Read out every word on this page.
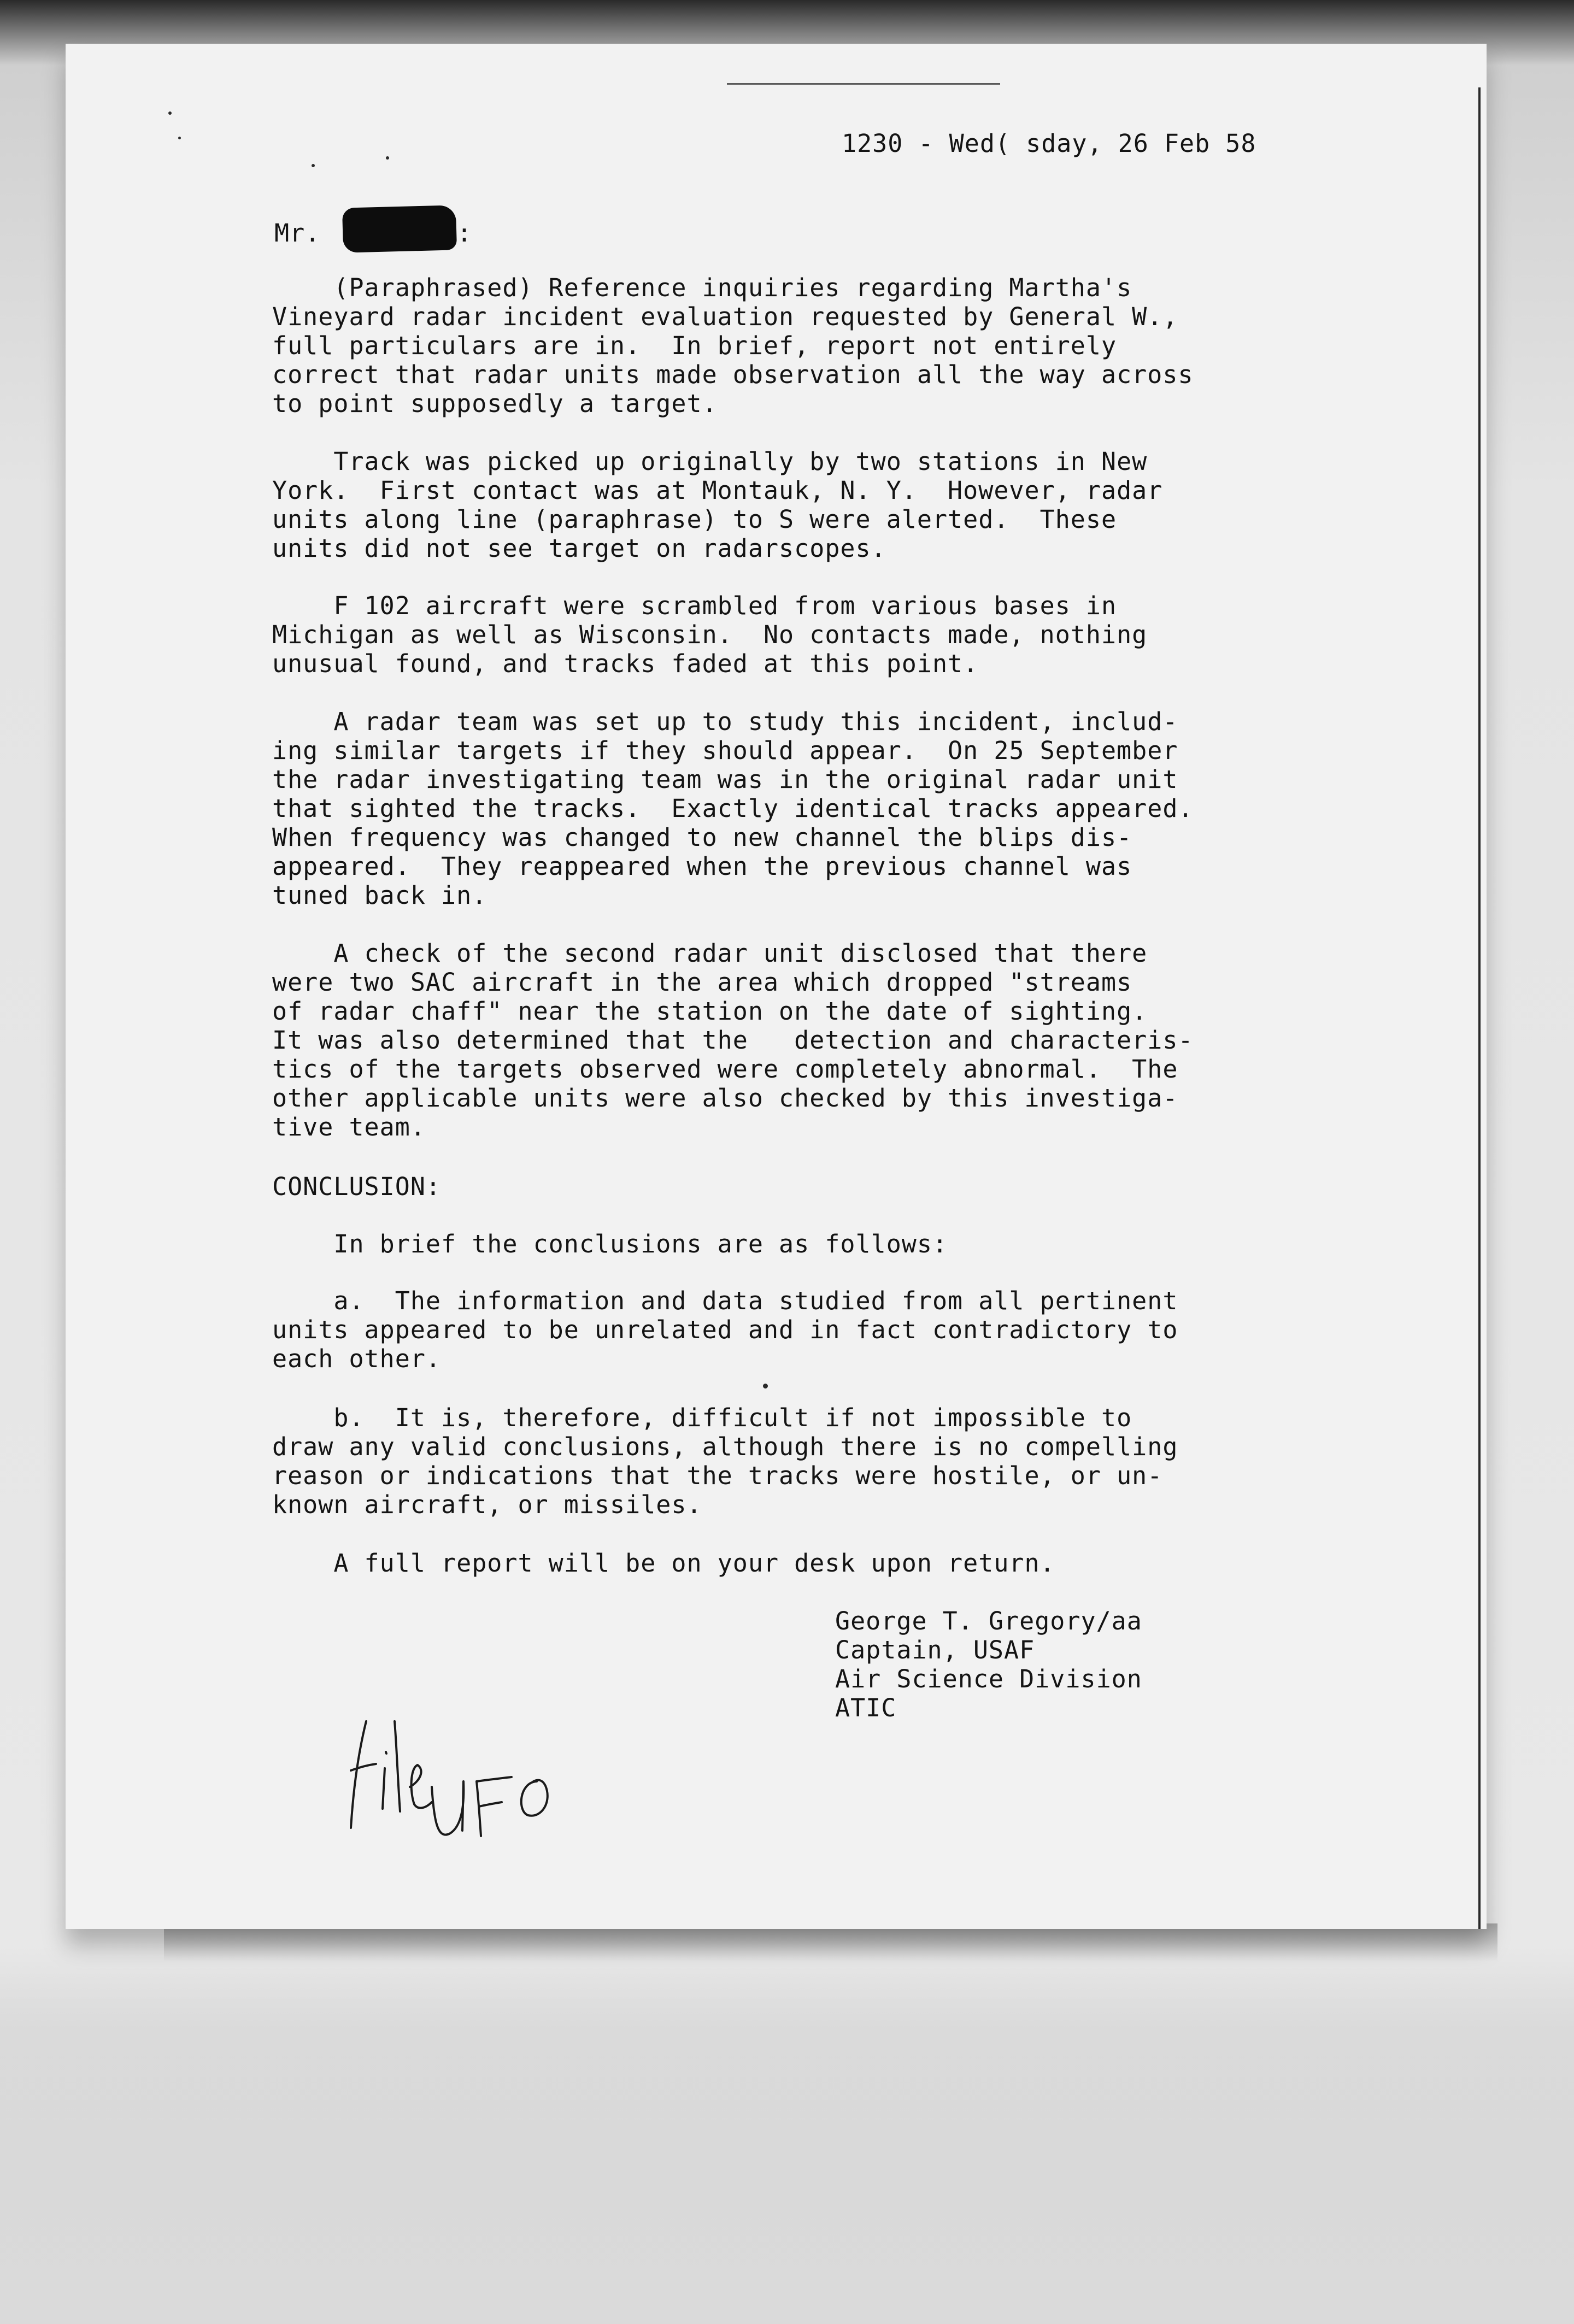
1230 - Wed( sday, 26 Feb 58
Mr.	:
(Paraphrased) Reference inquiries regarding Martha's
Vineyard radar incident evaluation requested by General W.,
full particulars are in.  In brief, report not entirely
correct that radar units made observation all the way across
to point supposedly a target.
Track was picked up originally by two stations in New
York.  First contact was at Montauk, N. Y.  However, radar
units along line (paraphrase) to S were alerted.  These
units did not see target on radarscopes.
F 102 aircraft were scrambled from various bases in
Michigan as well as Wisconsin.  No contacts made, nothing
unusual found, and tracks faded at this point.
A radar team was set up to study this incident, includ-
ing similar targets if they should appear.  On 25 September
the radar investigating team was in the original radar unit
that sighted the tracks.  Exactly identical tracks appeared.
When frequency was changed to new channel the blips dis-
appeared.  They reappeared when the previous channel was
tuned back in.
A check of the second radar unit disclosed that there
were two SAC aircraft in the area which dropped "streams
of radar chaff" near the station on the date of sighting.
It was also determined that the   detection and characteris-
tics of the targets observed were completely abnormal.  The
other applicable units were also checked by this investiga-
tive team.
CONCLUSION:
In brief the conclusions are as follows:
a.  The information and data studied from all pertinent
units appeared to be unrelated and in fact contradictory to
each other.
b.  It is, therefore, difficult if not impossible to
draw any valid conclusions, although there is no compelling
reason or indications that the tracks were hostile, or un-
known aircraft, or missiles.
A full report will be on your desk upon return.
George T. Gregory/aa
Captain, USAF
Air Science Division
ATIC
